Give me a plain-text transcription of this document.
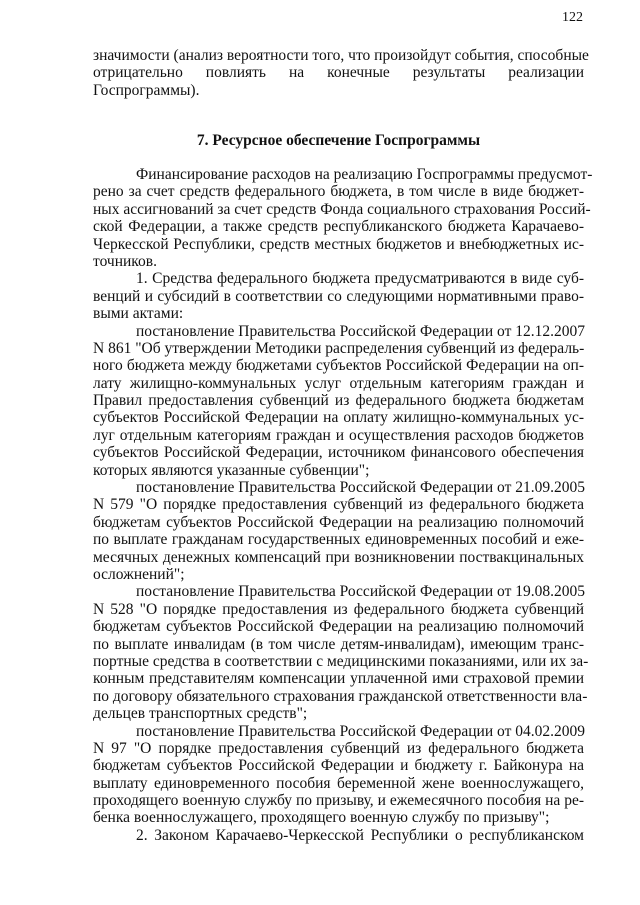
122
значимости (анализ вероятности того, что произойдут события, способные
отрицательно повлиять на конечные результаты реализации
Госпрограммы).
7. Ресурсное обеспечение Госпрограммы
Финансирование расходов на реализацию Госпрограммы предусмот-
рено за счет средств федерального бюджета, в том числе в виде бюджет-
ных ассигнований за счет средств Фонда социального страхования Россий-
ской Федерации, а также средств республиканского бюджета Карачаево-
Черкесской Республики, средств местных бюджетов и внебюджетных ис-
точников.
1. Средства федерального бюджета предусматриваются в виде суб-
венций и субсидий в соответствии со следующими нормативными право-
выми актами:
постановление Правительства Российской Федерации от 12.12.2007
N 861 "Об утверждении Методики распределения субвенций из федераль-
ного бюджета между бюджетами субъектов Российской Федерации на оп-
лату жилищно-коммунальных услуг отдельным категориям граждан и
Правил предоставления субвенций из федерального бюджета бюджетам
субъектов Российской Федерации на оплату жилищно-коммунальных ус-
луг отдельным категориям граждан и осуществления расходов бюджетов
субъектов Российской Федерации, источником финансового обеспечения
которых являются указанные субвенции";
постановление Правительства Российской Федерации от 21.09.2005
N 579 "О порядке предоставления субвенций из федерального бюджета
бюджетам субъектов Российской Федерации на реализацию полномочий
по выплате гражданам государственных единовременных пособий и еже-
месячных денежных компенсаций при возникновении поствакцинальных
осложнений";
постановление Правительства Российской Федерации от 19.08.2005
N 528 "О порядке предоставления из федерального бюджета субвенций
бюджетам субъектов Российской Федерации на реализацию полномочий
по выплате инвалидам (в том числе детям-инвалидам), имеющим транс-
портные средства в соответствии с медицинскими показаниями, или их за-
конным представителям компенсации уплаченной ими страховой премии
по договору обязательного страхования гражданской ответственности вла-
дельцев транспортных средств";
постановление Правительства Российской Федерации от 04.02.2009
N 97 "О порядке предоставления субвенций из федерального бюджета
бюджетам субъектов Российской Федерации и бюджету г. Байконура на
выплату единовременного пособия беременной жене военнослужащего,
проходящего военную службу по призыву, и ежемесячного пособия на ре-
бенка военнослужащего, проходящего военную службу по призыву";
2. Законом Карачаево-Черкесской Республики о республиканском
